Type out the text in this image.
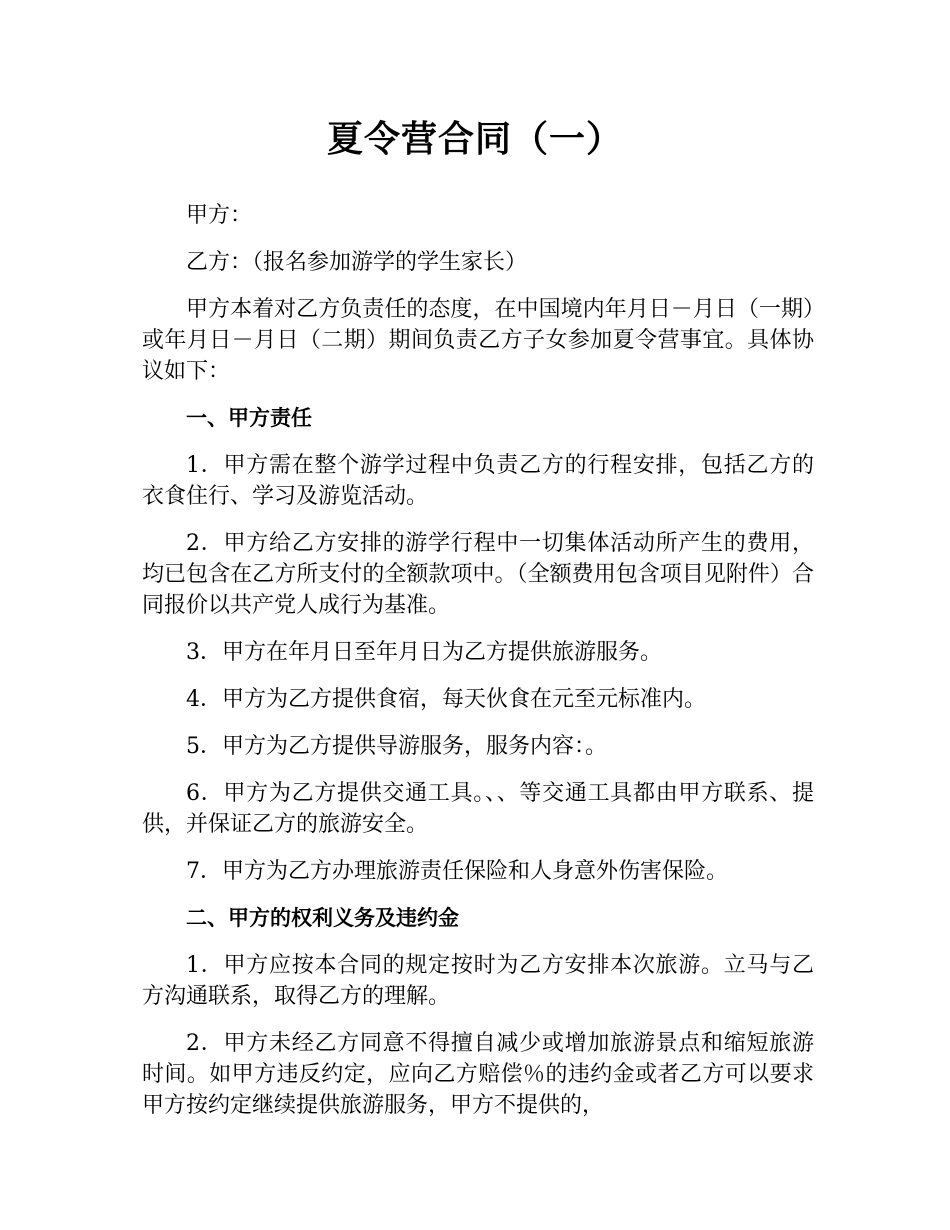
夏令营合同（一）

甲方：

乙方：（报名参加游学的学生家长）

甲方本着对乙方负责任的态度，在中国境内年月日－月日（一期）或年月日－月日（二期）期间负责乙方子女参加夏令营事宜。具体协议如下：

一、甲方责任

1．甲方需在整个游学过程中负责乙方的行程安排，包括乙方的衣食住行、学习及游览活动。

2．甲方给乙方安排的游学行程中一切集体活动所产生的费用，均已包含在乙方所支付的全额款项中。（全额费用包含项目见附件）合同报价以共产党人成行为基准。

3．甲方在年月日至年月日为乙方提供旅游服务。

4．甲方为乙方提供食宿，每天伙食在元至元标准内。

5．甲方为乙方提供导游服务，服务内容：。

6．甲方为乙方提供交通工具。、、等交通工具都由甲方联系、提供，并保证乙方的旅游安全。

7．甲方为乙方办理旅游责任保险和人身意外伤害保险。

二、甲方的权利义务及违约金

1．甲方应按本合同的规定按时为乙方安排本次旅游。立马与乙方沟通联系，取得乙方的理解。

2．甲方未经乙方同意不得擅自减少或增加旅游景点和缩短旅游时间。如甲方违反约定，应向乙方赔偿％的违约金或者乙方可以要求甲方按约定继续提供旅游服务，甲方不提供的，
